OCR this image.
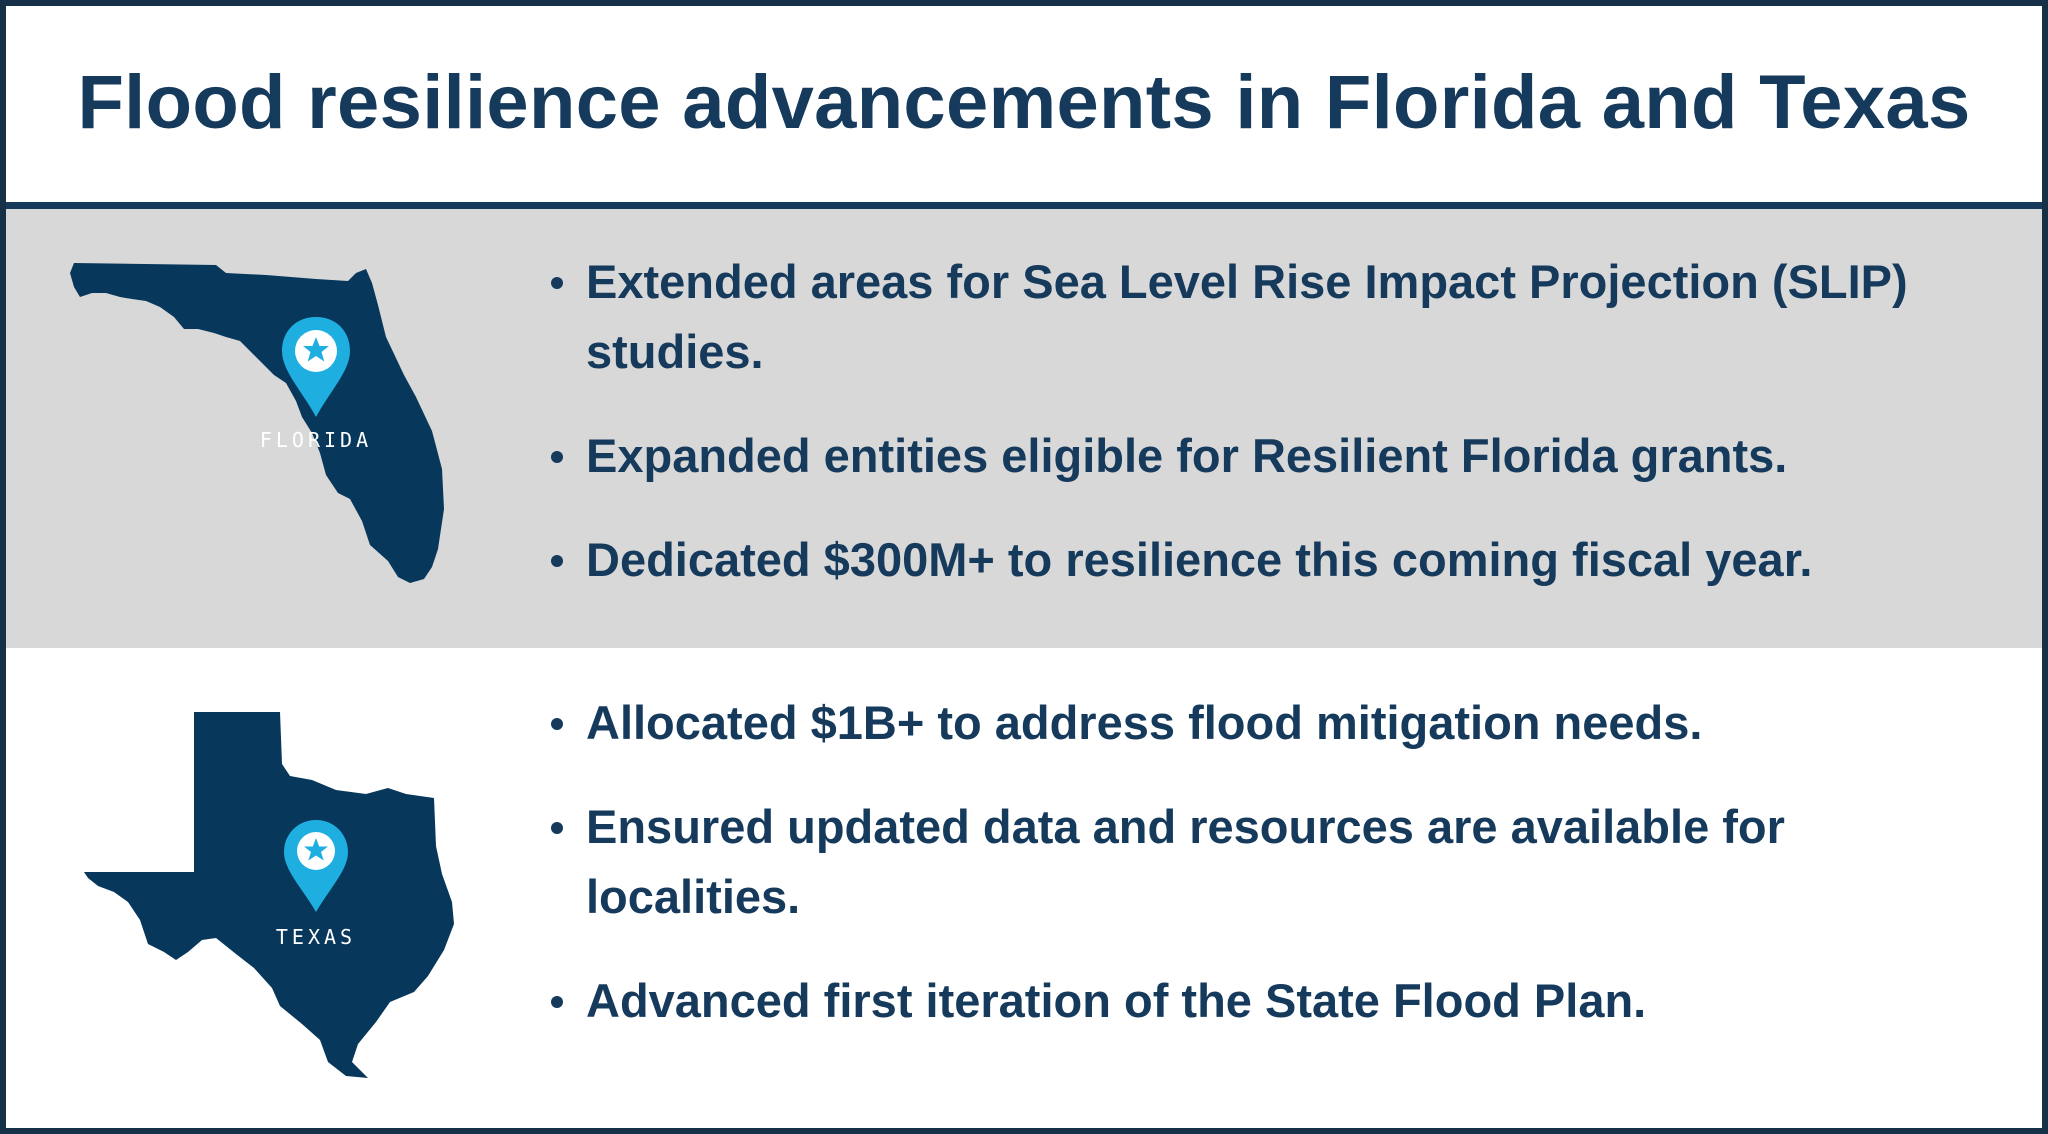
Flood resilience advancements in Florida and Texas
FLORIDA
Extended areas for Sea Level Rise Impact Projection (SLIP) studies.
Expanded entities eligible for Resilient Florida grants.
Dedicated $300M+ to resilience this coming fiscal year.
TEXAS
Allocated $1B+ to address flood mitigation needs.
Ensured updated data and resources are available for localities.
Advanced first iteration of the State Flood Plan.
